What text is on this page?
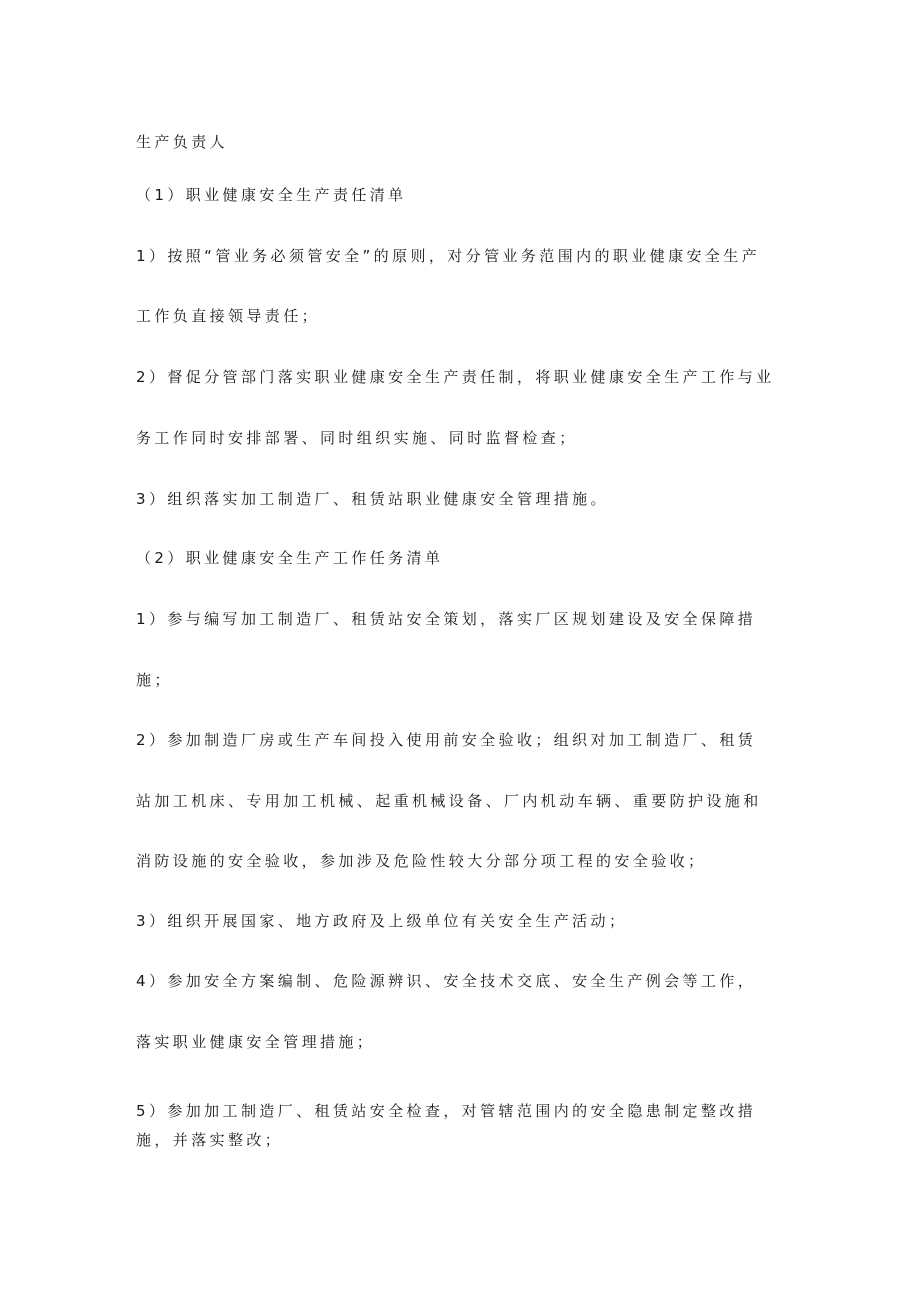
生产负责人
（1）职业健康安全生产责任清单
1）按照“管业务必须管安全”的原则，对分管业务范围内的职业健康安全生产
工作负直接领导责任；
2）督促分管部门落实职业健康安全生产责任制，将职业健康安全生产工作与业
务工作同时安排部署、同时组织实施、同时监督检查；
3）组织落实加工制造厂、租赁站职业健康安全管理措施。
（2）职业健康安全生产工作任务清单
1）参与编写加工制造厂、租赁站安全策划，落实厂区规划建设及安全保障措
施；
2）参加制造厂房或生产车间投入使用前安全验收；组织对加工制造厂、租赁
站加工机床、专用加工机械、起重机械设备、厂内机动车辆、重要防护设施和
消防设施的安全验收，参加涉及危险性较大分部分项工程的安全验收；
3）组织开展国家、地方政府及上级单位有关安全生产活动；
4）参加安全方案编制、危险源辨识、安全技术交底、安全生产例会等工作，
落实职业健康安全管理措施；
5）参加加工制造厂、租赁站安全检查，对管辖范围内的安全隐患制定整改措
施，并落实整改；
